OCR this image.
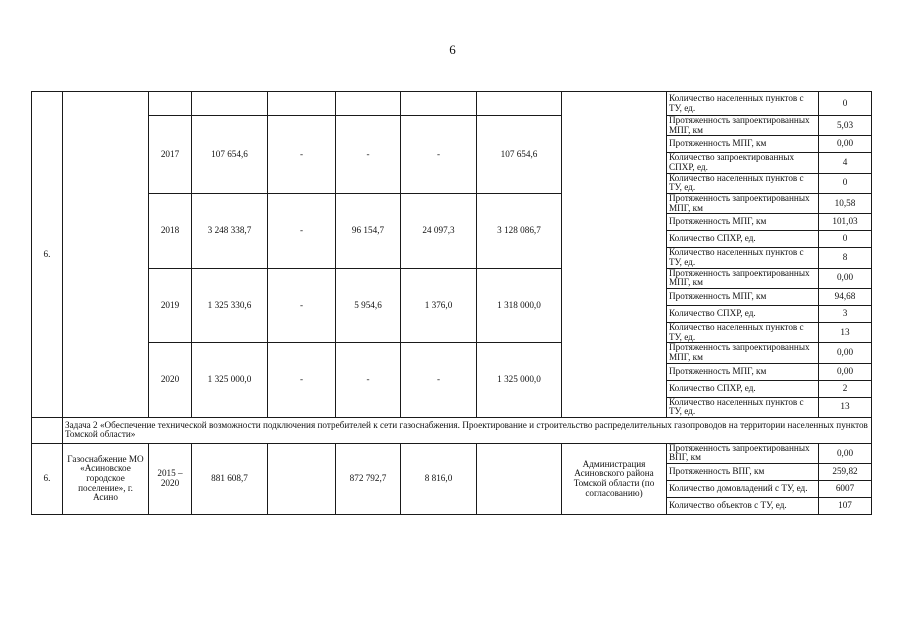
6
6.									Количество населенных пунктов с ТУ, ед.	0
		2017	107 654,6	-	-	-	107 654,6		Протяженность запроектированных МПГ, км	5,03
									Протяженность МПГ, км	0,00
									Количество запроектированных СПХР, ед.	4
									Количество населенных пунктов с ТУ, ед.	0
		2018	3 248 338,7	-	96 154,7	24 097,3	3 128 086,7		Протяженность запроектированных МПГ, км	10,58
									Протяженность МПГ, км	101,03
									Количество СПХР, ед.	0
									Количество населенных пунктов с ТУ, ед.	8
		2019	1 325 330,6	-	5 954,6	1 376,0	1 318 000,0		Протяженность запроектированных МПГ, км	0,00
									Протяженность МПГ, км	94,68
									Количество СПХР, ед.	3
									Количество населенных пунктов с ТУ, ед.	13
		2020	1 325 000,0	-	-	-	1 325 000,0		Протяженность запроектированных МПГ, км	0,00
									Протяженность МПГ, км	0,00
									Количество СПХР, ед.	2
									Количество населенных пунктов с ТУ, ед.	13
	Задача 2 «Обеспечение технической возможности подключения потребителей к сети газоснабжения. Проектирование и строительство распределительных газопроводов на территории населенных пунктов Томской области»									
6.	Газоснабжение МО «Асиновское городское поселение», г. Асино	2015 – 2020	881 608,7		872 792,7	8 816,0		Администрация Асиновского района Томской области (по согласованию)	Протяженность запроектированных ВПГ, км	0,00
									Протяженность ВПГ, км	259,82
									Количество домовладений с ТУ, ед.	6007
									Количество объектов с ТУ, ед.	107
